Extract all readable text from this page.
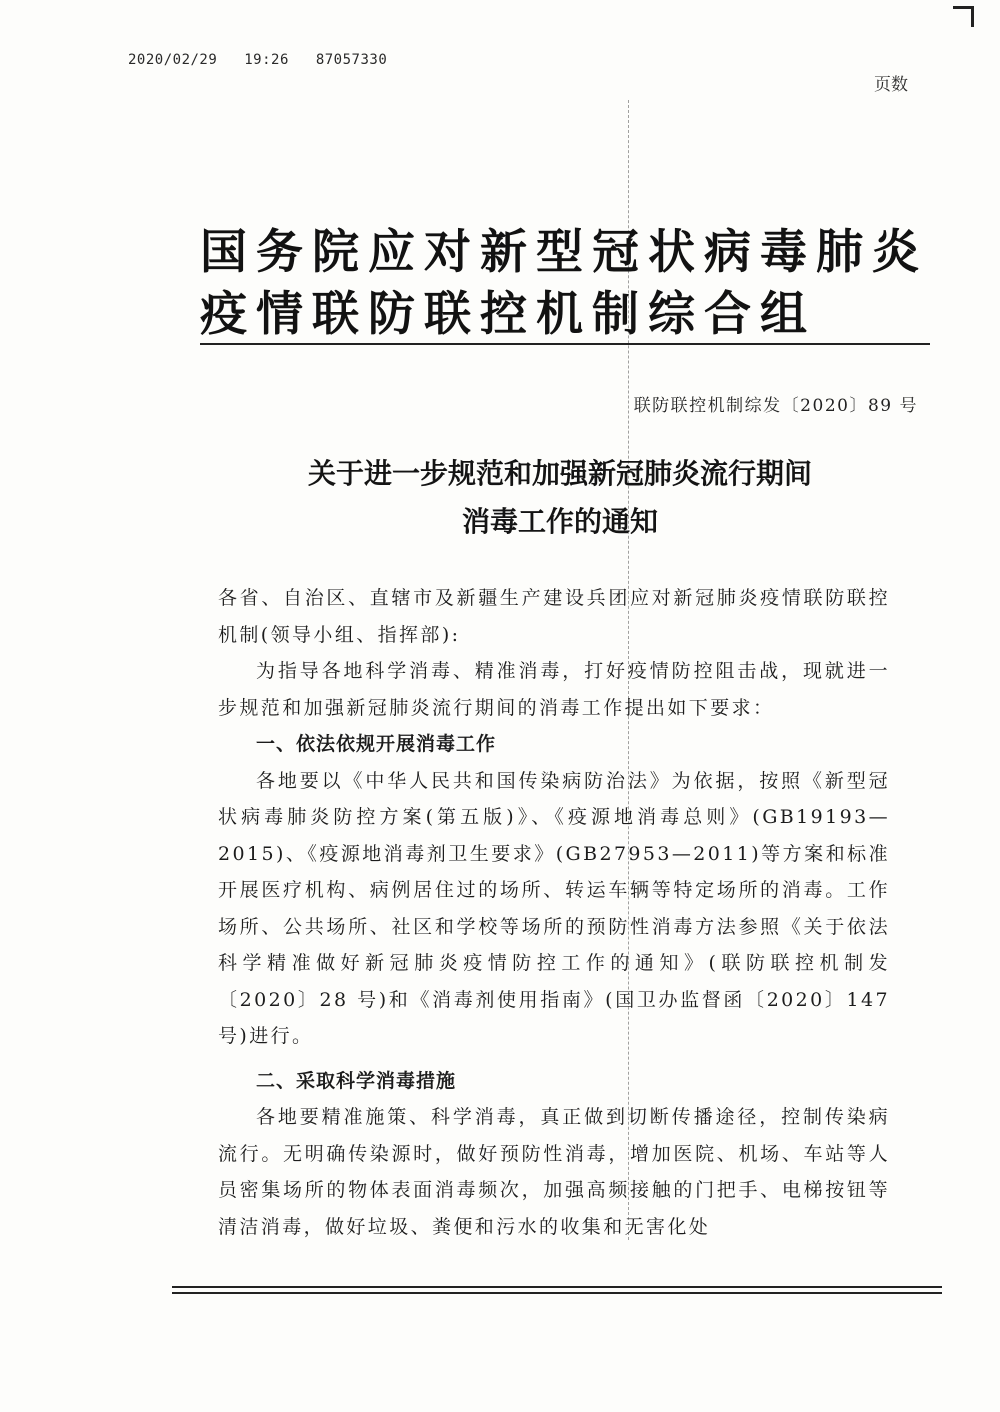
2020/02/29 19:26 87057330
页数
国务院应对新型冠状病毒肺炎
疫情联防联控机制综合组
联防联控机制综发〔2020〕89 号
关于进一步规范和加强新冠肺炎流行期间
消毒工作的通知

各省、自治区、直辖市及新疆生产建设兵团应对新冠肺炎疫情联防联控机制(领导小组、指挥部):

为指导各地科学消毒、精准消毒，打好疫情防控阻击战，现就进一步规范和加强新冠肺炎流行期间的消毒工作提出如下要求：

一、依法依规开展消毒工作

各地要以《中华人民共和国传染病防治法》为依据，按照《新型冠状病毒肺炎防控方案(第五版)》、《疫源地消毒总则》(GB19193—2015)、《疫源地消毒剂卫生要求》(GB27953—2011)等方案和标准开展医疗机构、病例居住过的场所、转运车辆等特定场所的消毒。工作场所、公共场所、社区和学校等场所的预防性消毒方法参照《关于依法科学精准做好新冠肺炎疫情防控工作的通知》(联防联控机制发〔2020〕28 号)和《消毒剂使用指南》(国卫办监督函〔2020〕147 号)进行。

二、采取科学消毒措施

各地要精准施策、科学消毒，真正做到切断传播途径，控制传染病流行。无明确传染源时，做好预防性消毒，增加医院、机场、车站等人员密集场所的物体表面消毒频次，加强高频接触的门把手、电梯按钮等清洁消毒，做好垃圾、粪便和污水的收集和无害化处
